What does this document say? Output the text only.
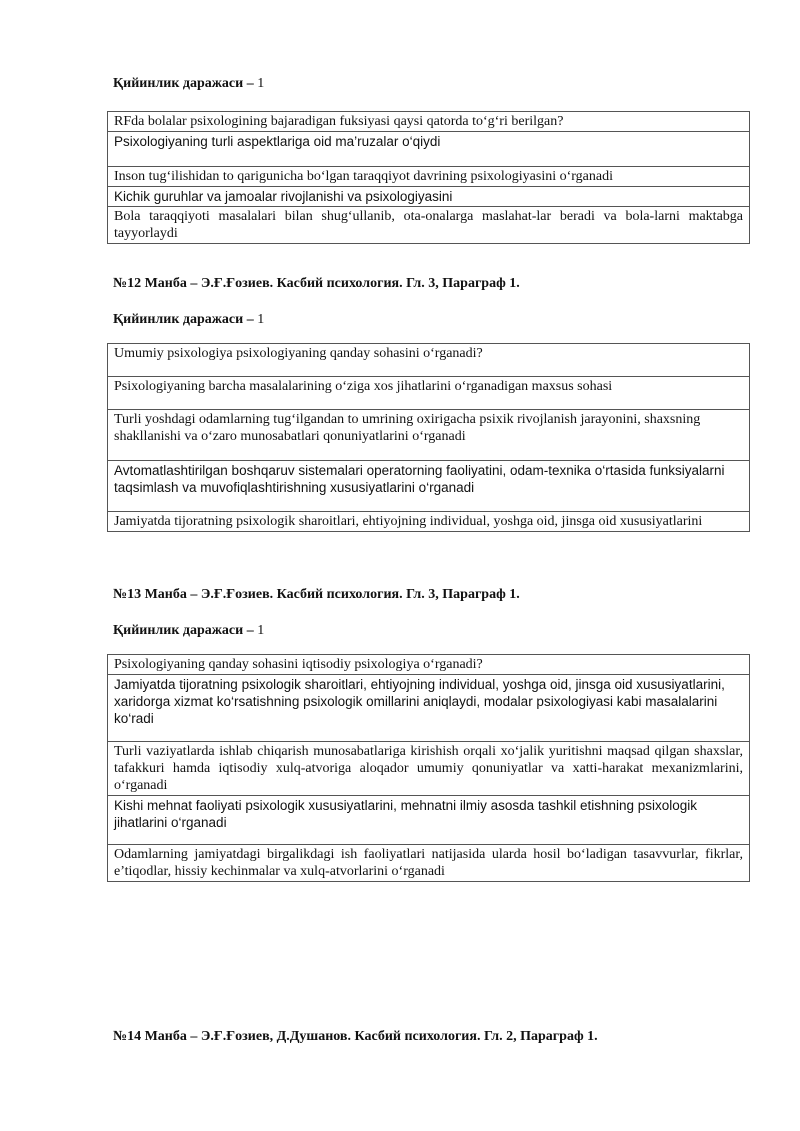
Қийинлик даражаси – 1
RFda bolalar psixologining bajaradigan fuksiyasi qaysi qatorda to‘g‘ri berilgan?
Psixologiyaning turli aspektlariga oid ma’ruzalar o‘qiydi
Inson tug‘ilishidan to qariguniсha bo‘lgan taraqqiyot davrining psixologiyasini o‘rganadi
Kichik guruhlar va jamoalar rivojlanishi va psixologiyasini
Bola taraqqiyoti masalalari bilan shug‘ullanib, ota-onalarga maslahat-lar beradi va bola-larni maktabga tayyorlaydi
№12 Манба – Э.Ғ.Ғозиев. Касбий психология. Гл. 3, Параграф 1.
Қийинлик даражаси – 1
Umumiy psixologiya psixologiyaning qanday sohasini o‘rganadi?
Psixologiyaning barcha masalalarining o‘ziga xos jihatlarini o‘rganadigan maxsus sohasi
Turli yoshdagi odamlarning tug‘ilgandan to umrining oxirigacha psixik rivojlanish jarayonini, shaxsning shakllanishi va o‘zaro munosabatlari qonuniyatlarini o‘rganadi
Avtomatlashtirilgan boshqaruv sistemalari operatorning faoliyatini, odam-texnika o‘rtasida funksiyalarni taqsimlash va muvofiqlashtirishning xususiyatlarini o‘rganadi
Jamiyatda tijoratning psixologik sharoitlari, ehtiyojning individual, yoshga oid, jinsga oid xususiyatlarini
№13 Манба – Э.Ғ.Ғозиев. Касбий психология. Гл. 3, Параграф 1.
Қийинлик даражаси – 1
Psixologiyaning qanday sohasini iqtisodiy psixologiya o‘rganadi?
Jamiyatda tijoratning psixologik sharoitlari, ehtiyojning individual, yoshga oid, jinsga oid xususiyatlarini, xaridorga xizmat ko‘rsatishning psixologik omillarini aniqlaydi, modalar psixologiyasi kabi masalalarini ko‘radi
Turli vaziyatlarda ishlab chiqarish munosabatlariga kirishish orqali xo‘jalik yuritishni maqsad qilgan shaxslar, tafakkuri hamda iqtisodiy xulq-atvoriga aloqador umumiy qonuniyatlar va xatti-harakat mexanizmlarini, o‘rganadi
Kishi mehnat faoliyati psixologik xususiyatlarini, mehnatni ilmiy asosda tashkil etishning psixologik jihatlarini o‘rganadi
Odamlarning jamiyatdagi birgalikdagi ish faoliyatlari natijasida ularda hosil bo‘ladigan tasavvurlar, fikrlar, e’tiqodlar, hissiy kechinmalar va xulq-atvorlarini o‘rganadi
№14 Манба – Э.Ғ.Ғозиев, Д.Душанов. Касбий психология. Гл. 2, Параграф 1.
